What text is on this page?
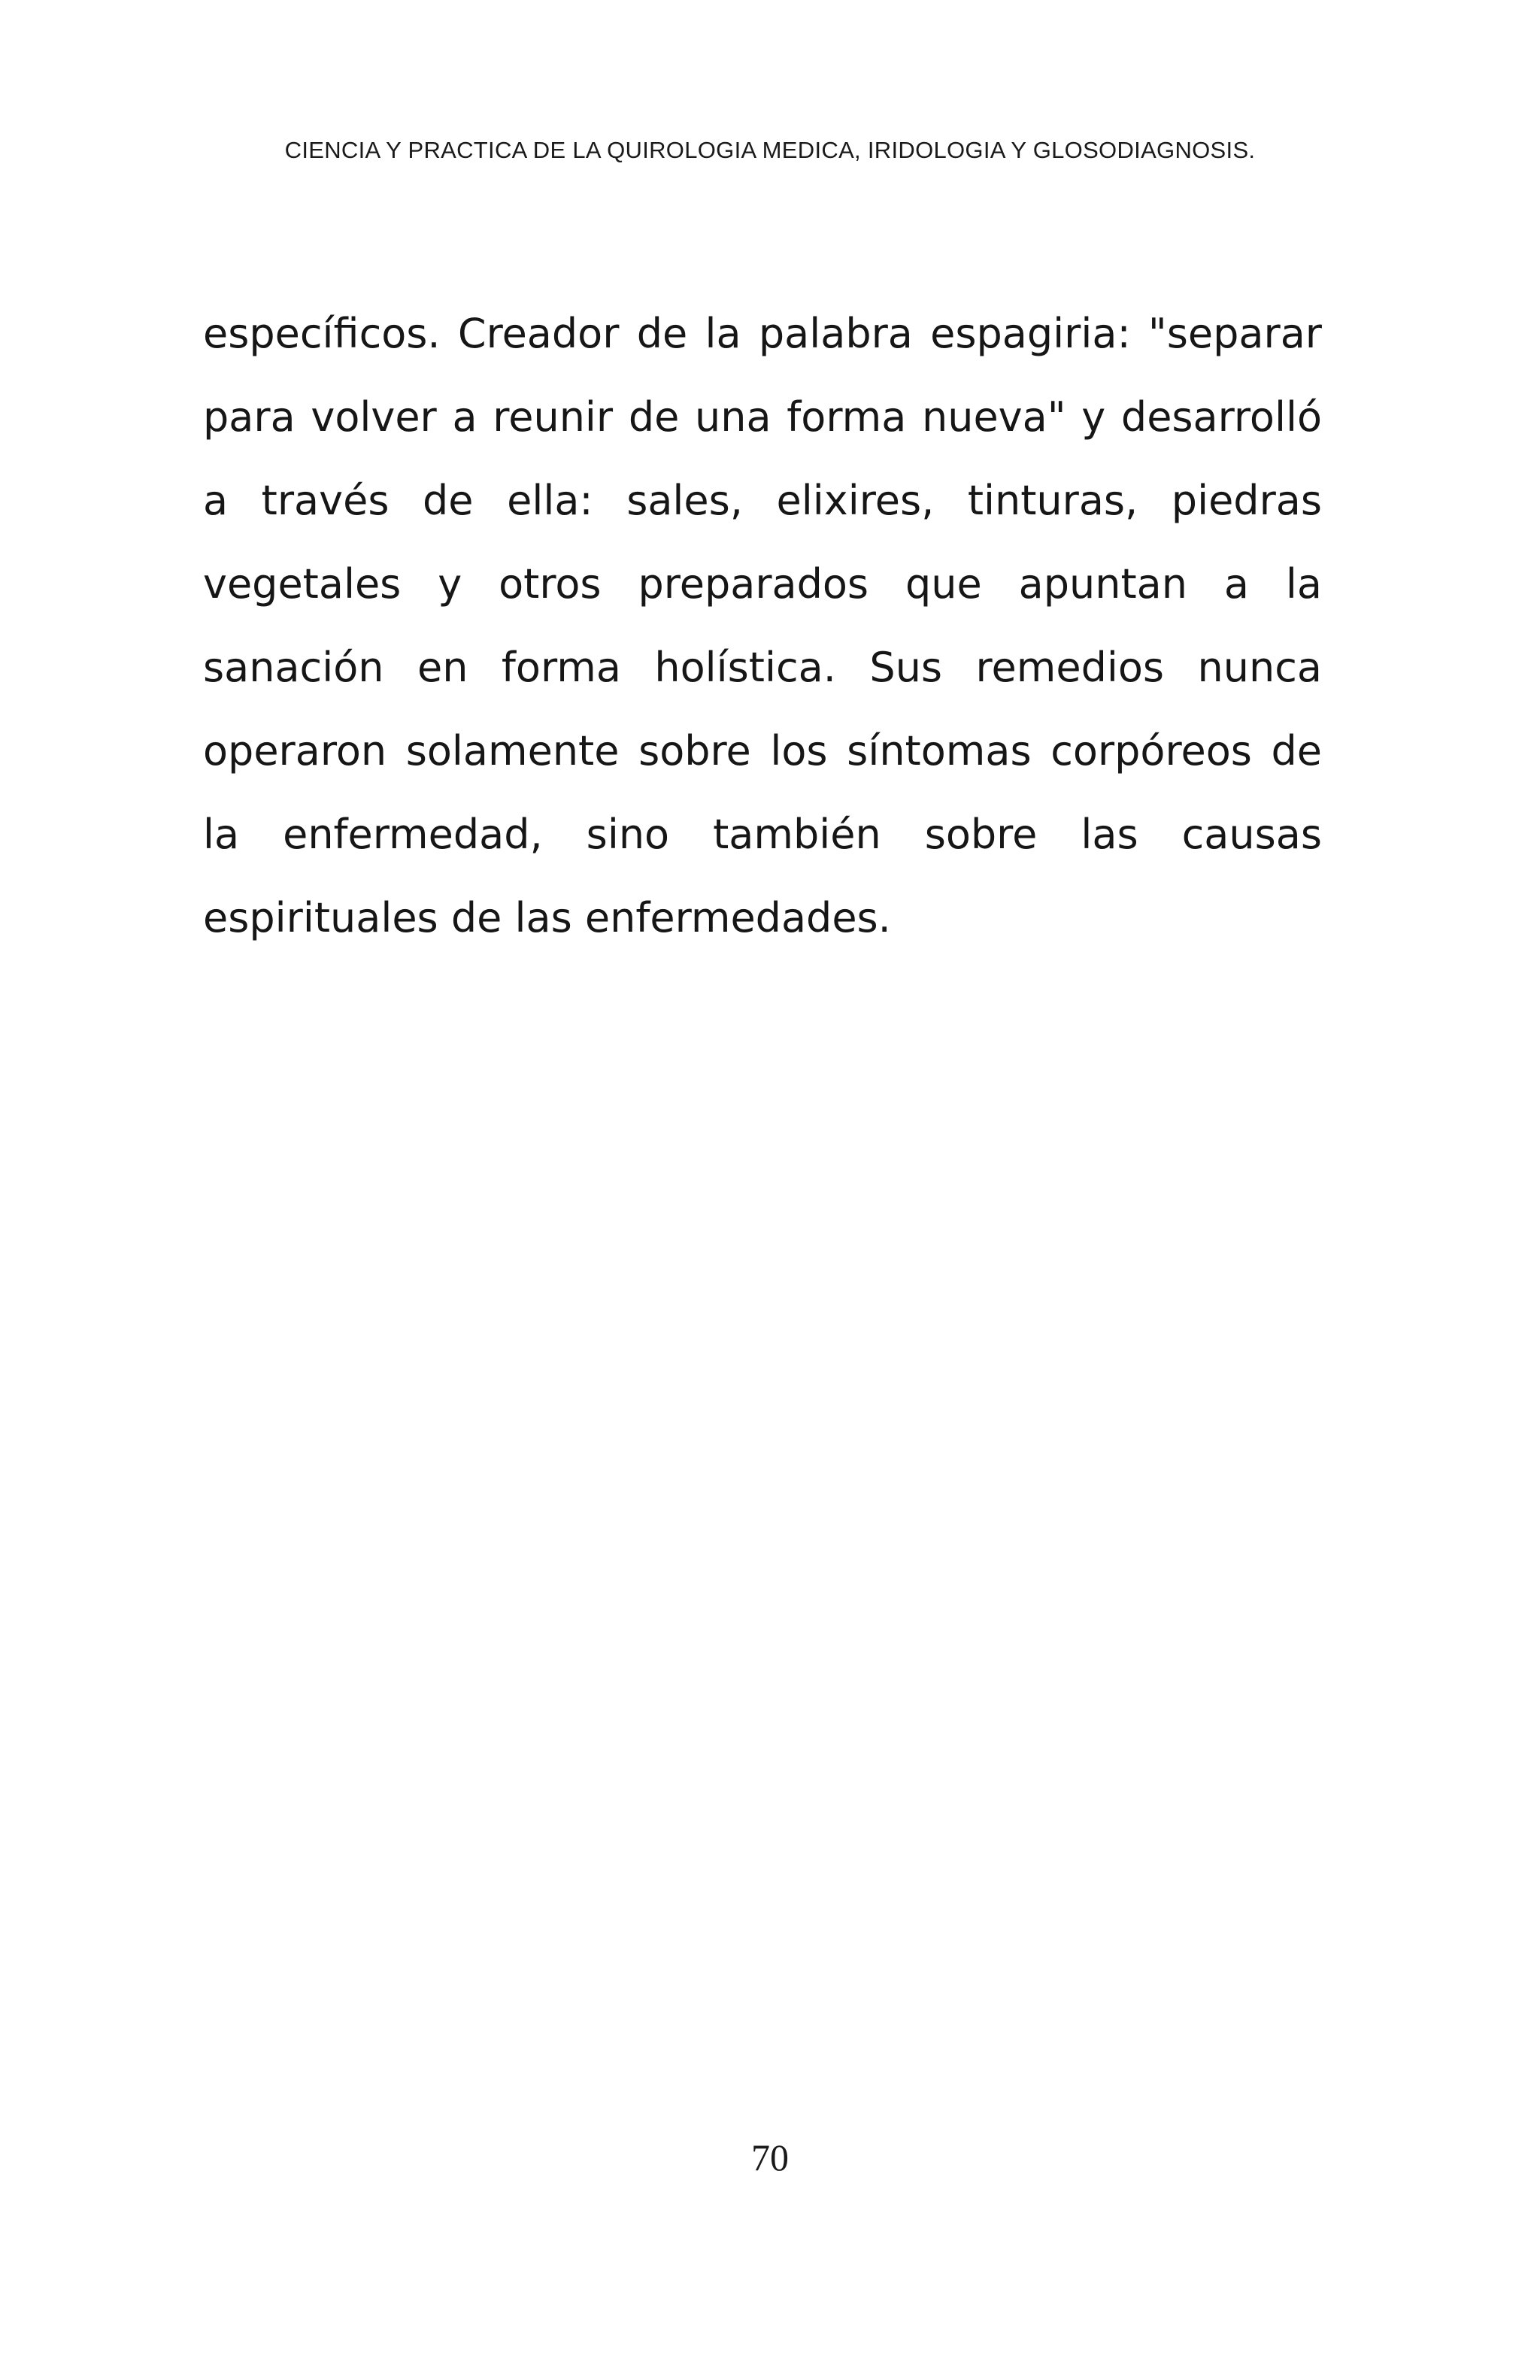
CIENCIA Y PRACTICA DE LA QUIROLOGIA MEDICA, IRIDOLOGIA Y GLOSODIAGNOSIS.
específicos. Creador de la palabra espagiria: "separar
para volver a reunir de una forma nueva" y desarrolló
a través de ella: sales, elixires, tinturas, piedras
vegetales y otros preparados que apuntan a la
sanación en forma holística. Sus remedios nunca
operaron solamente sobre los síntomas corpóreos de
la enfermedad, sino también sobre las causas
espirituales de las enfermedades.
70
